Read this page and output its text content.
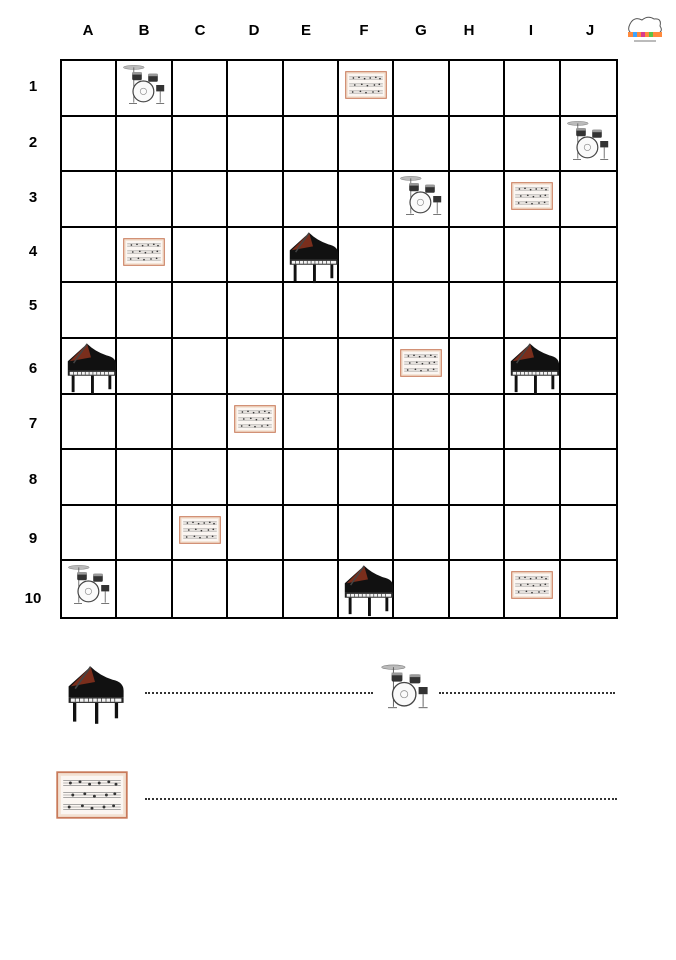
A	B	C	D	E	F	G	H	I	J
1
2
3
4
5
6
7
8
9
10
